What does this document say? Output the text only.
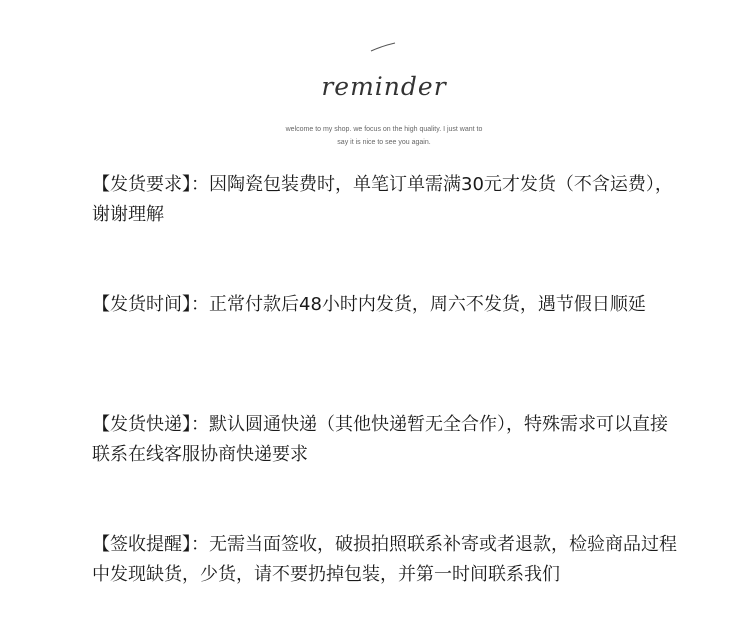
reminder
welcome to my shop. we focus on the high quality. I just want to
say it is nice to see you again.

【发货要求】：因陶瓷包装费时，单笔订单需满30元才发货（不含运费），谢谢理解

【发货时间】：正常付款后48小时内发货，周六不发货，遇节假日顺延

【发货快递】：默认圆通快递（其他快递暂无全合作），特殊需求可以直接联系在线客服协商快递要求

【签收提醒】：无需当面签收，破损拍照联系补寄或者退款，检验商品过程中发现缺货，少货，请不要扔掉包装，并第一时间联系我们
